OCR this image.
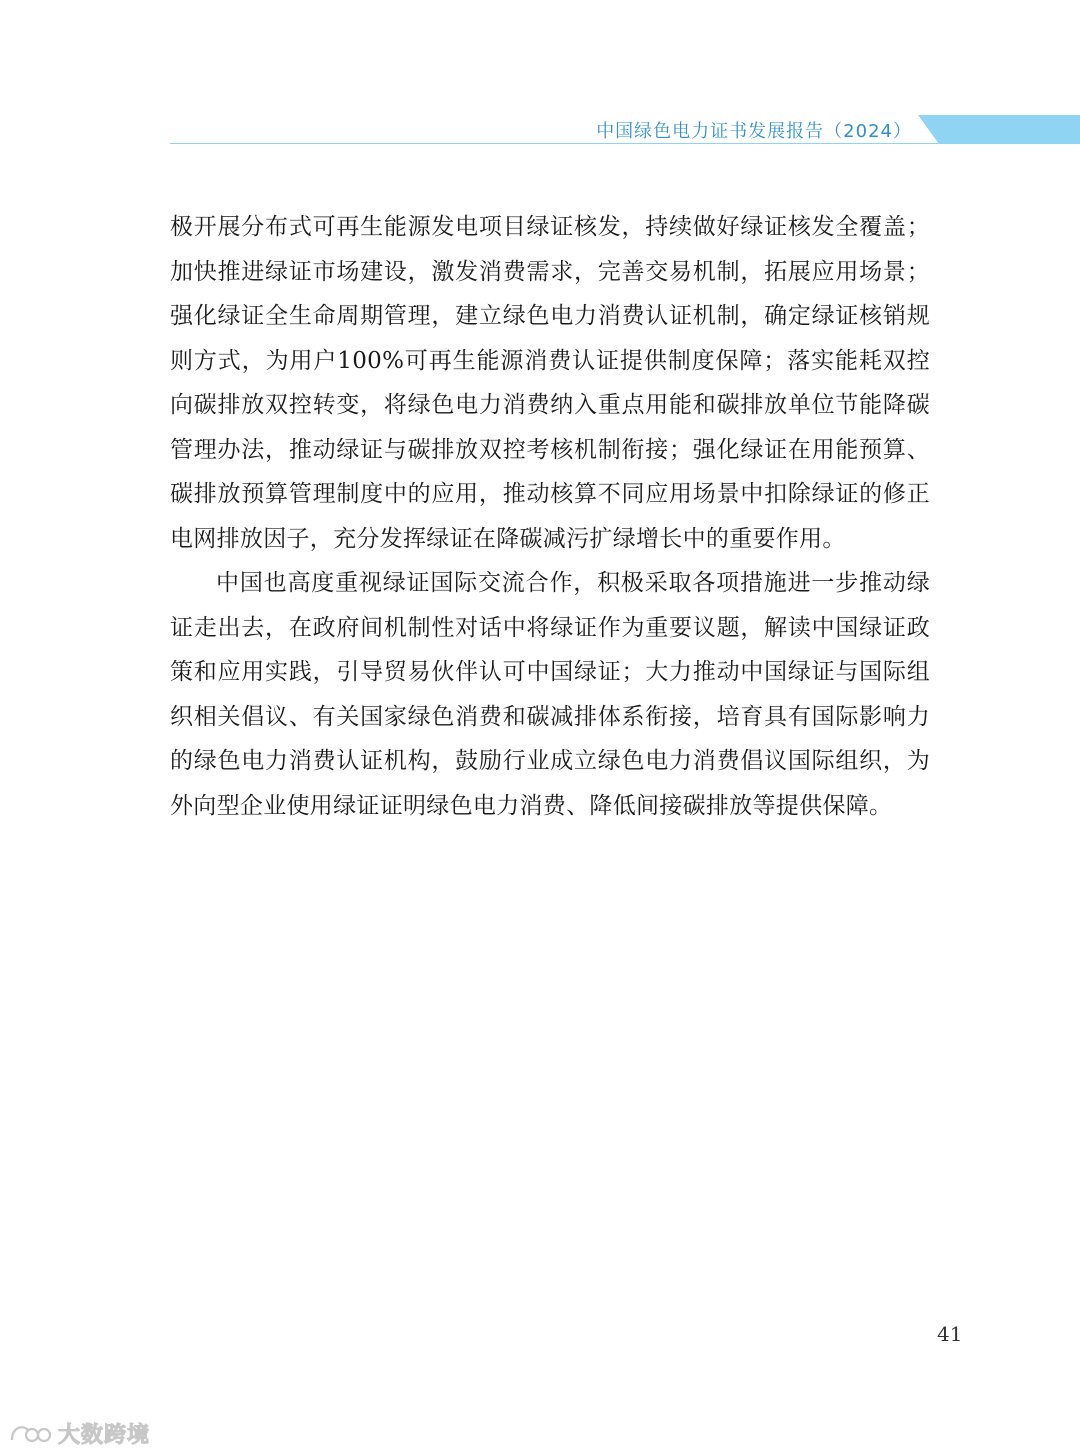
中国绿色电力证书发展报告（2024）

极开展分布式可再生能源发电项目绿证核发，持续做好绿证核发全覆盖；加快推进绿证市场建设，激发消费需求，完善交易机制，拓展应用场景；强化绿证全生命周期管理，建立绿色电力消费认证机制，确定绿证核销规则方式，为用户100%可再生能源消费认证提供制度保障；落实能耗双控向碳排放双控转变，将绿色电力消费纳入重点用能和碳排放单位节能降碳管理办法，推动绿证与碳排放双控考核机制衔接；强化绿证在用能预算、碳排放预算管理制度中的应用，推动核算不同应用场景中扣除绿证的修正电网排放因子，充分发挥绿证在降碳减污扩绿增长中的重要作用。

中国也高度重视绿证国际交流合作，积极采取各项措施进一步推动绿证走出去，在政府间机制性对话中将绿证作为重要议题，解读中国绿证政策和应用实践，引导贸易伙伴认可中国绿证；大力推动中国绿证与国际组织相关倡议、有关国家绿色消费和碳减排体系衔接，培育具有国际影响力的绿色电力消费认证机构，鼓励行业成立绿色电力消费倡议国际组织，为外向型企业使用绿证证明绿色电力消费、降低间接碳排放等提供保障。

41
大数跨境
